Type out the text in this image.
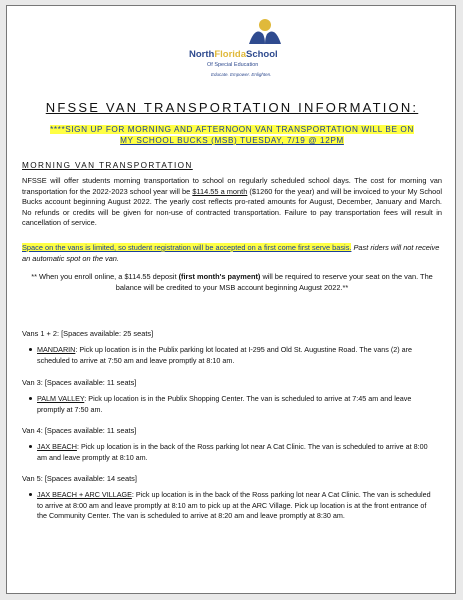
NorthFloridaSchool
Of Special Education
Educate. Empower. Enlighten.
NFSSE VAN TRANSPORTATION INFORMATION:
****SIGN UP FOR MORNING AND AFTERNOON VAN TRANSPORTATION WILL BE ON
MY SCHOOL BUCKS (MSB) TUESDAY, 7/19 @ 12PM
MORNING VAN TRANSPORTATION
NFSSE will offer students morning transportation to school on regularly scheduled school days. The cost for morning van transportation for the 2022-2023 school year will be $114.55 a month ($1260 for the year) and will be invoiced to your My School Bucks account beginning August 2022. The yearly cost reflects pro-rated amounts for August, December, January and March. No refunds or credits will be given for non-use of contracted transportation. Failure to pay transportation fees will result in cancellation of service.
Space on the vans is limited, so student registration will be accepted on a first come first serve basis. Past riders will not receive an automatic spot on the van.
** When you enroll online, a $114.55 deposit (first month's payment) will be required to reserve your seat on the van. The balance will be credited to your MSB account beginning August 2022.**
Vans 1 + 2: [Spaces available: 25 seats]
MANDARIN: Pick up location is in the Publix parking lot located at I-295 and Old St. Augustine Road. The vans (2) are scheduled to arrive at 7:50 am and leave promptly at 8:10 am.
Van 3: [Spaces available: 11 seats]
PALM VALLEY: Pick up location is in the Publix Shopping Center. The van is scheduled to arrive at 7:45 am and leave promptly at 7:50 am.
Van 4: [Spaces available: 11 seats]
JAX BEACH: Pick up location is in the back of the Ross parking lot near A Cat Clinic. The van is scheduled to arrive at 8:00 am and leave promptly at 8:10 am.
Van 5: [Spaces available: 14 seats]
JAX BEACH + ARC VILLAGE: Pick up location is in the back of the Ross parking lot near A Cat Clinic. The van is scheduled to arrive at 8:00 am and leave promptly at 8:10 am to pick up at the ARC Village. Pick up location is at the front entrance of the Community Center. The van is scheduled to arrive at 8:20 am and leave promptly at 8:30 am.
